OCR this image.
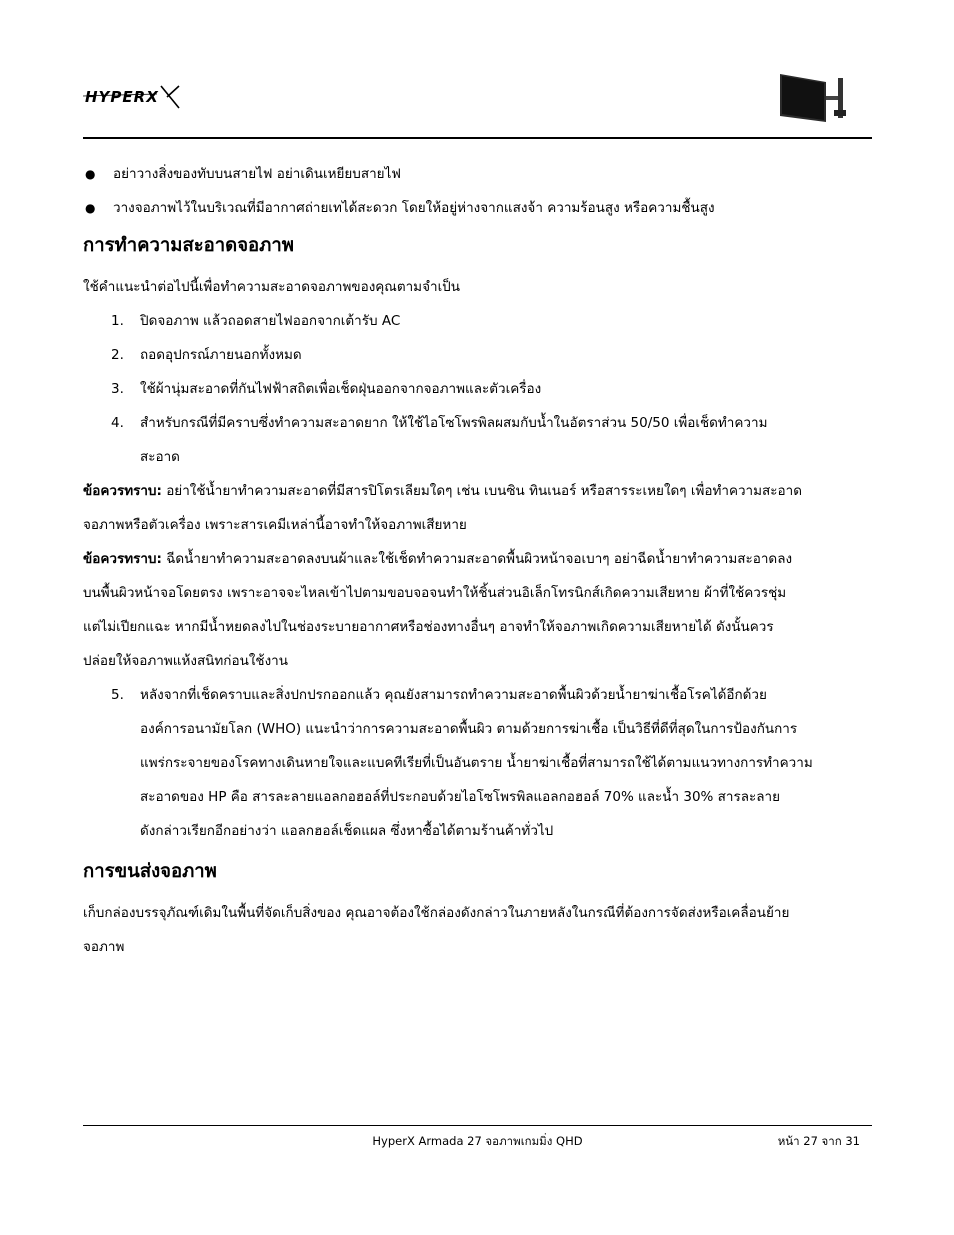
HYPERX
● อย่าวางสิ่งของทับบนสายไฟ อย่าเดินเหยียบสายไฟ
● วางจอภาพไว้ในบริเวณที่มีอากาศถ่ายเทได้สะดวก โดยให้อยู่ห่างจากแสงจ้า ความร้อนสูง หรือความชื้นสูง
การทำความสะอาดจอภาพ

ใช้คำแนะนำต่อไปนี้เพื่อทำความสะอาดจอภาพของคุณตามจำเป็น

1. ปิดจอภาพ แล้วถอดสายไฟออกจากเต้ารับ AC
2. ถอดอุปกรณ์ภายนอกทั้งหมด
3. ใช้ผ้านุ่มสะอาดที่กันไฟฟ้าสถิตเพื่อเช็ดฝุ่นออกจากจอภาพและตัวเครื่อง
4. สำหรับกรณีที่มีคราบซึ่งทำความสะอาดยาก ให้ใช้ไอโซโพรพิลผสมกับน้ำในอัตราส่วน 50/50 เพื่อเช็ดทำความ
สะอาด

ข้อควรทราบ: อย่าใช้น้ำยาทำความสะอาดที่มีสารปิโตรเลียมใดๆ เช่น เบนซิน ทินเนอร์ หรือสารระเหยใดๆ เพื่อทำความสะอาด

จอภาพหรือตัวเครื่อง เพราะสารเคมีเหล่านี้อาจทำให้จอภาพเสียหาย

ข้อควรทราบ: ฉีดน้ำยาทำความสะอาดลงบนผ้าและใช้เช็ดทำความสะอาดพื้นผิวหน้าจอเบาๆ อย่าฉีดน้ำยาทำความสะอาดลง

บนพื้นผิวหน้าจอโดยตรง เพราะอาจจะไหลเข้าไปตามขอบจอจนทำให้ชิ้นส่วนอิเล็กโทรนิกส์เกิดความเสียหาย ผ้าที่ใช้ควรชุ่ม

แต่ไม่เปียกแฉะ หากมีน้ำหยดลงไปในช่องระบายอากาศหรือช่องทางอื่นๆ อาจทำให้จอภาพเกิดความเสียหายได้ ดังนั้นควร

ปล่อยให้จอภาพแห้งสนิทก่อนใช้งาน

5. หลังจากที่เช็ดคราบและสิ่งปกปรกออกแล้ว คุณยังสามารถทำความสะอาดพื้นผิวด้วยน้ำยาฆ่าเชื้อโรคได้อีกด้วย
องค์การอนามัยโลก (WHO) แนะนำว่าการความสะอาดพื้นผิว ตามด้วยการฆ่าเชื้อ เป็นวิธีที่ดีที่สุดในการป้องกันการ
แพร่กระจายของโรคทางเดินหายใจและแบคทีเรียที่เป็นอันตราย น้ำยาฆ่าเชื้อที่สามารถใช้ได้ตามแนวทางการทำความ
สะอาดของ HP คือ สารละลายแอลกอฮอล์ที่ประกอบด้วยไอโซโพรพิลแอลกอฮอล์ 70% และน้ำ 30% สารละลาย
ดังกล่าวเรียกอีกอย่างว่า แอลกฮอล์เช็ดแผล ซึ่งหาซื้อได้ตามร้านค้าทั่วไป
การขนส่งจอภาพ

เก็บกล่องบรรจุภัณฑ์เดิมในพื้นที่จัดเก็บสิ่งของ คุณอาจต้องใช้กล่องดังกล่าวในภายหลังในกรณีที่ต้องการจัดส่งหรือเคลื่อนย้าย

จอภาพ

HyperX Armada 27 จอภาพเกมมิ่ง QHD	หน้า 27 จาก 31
